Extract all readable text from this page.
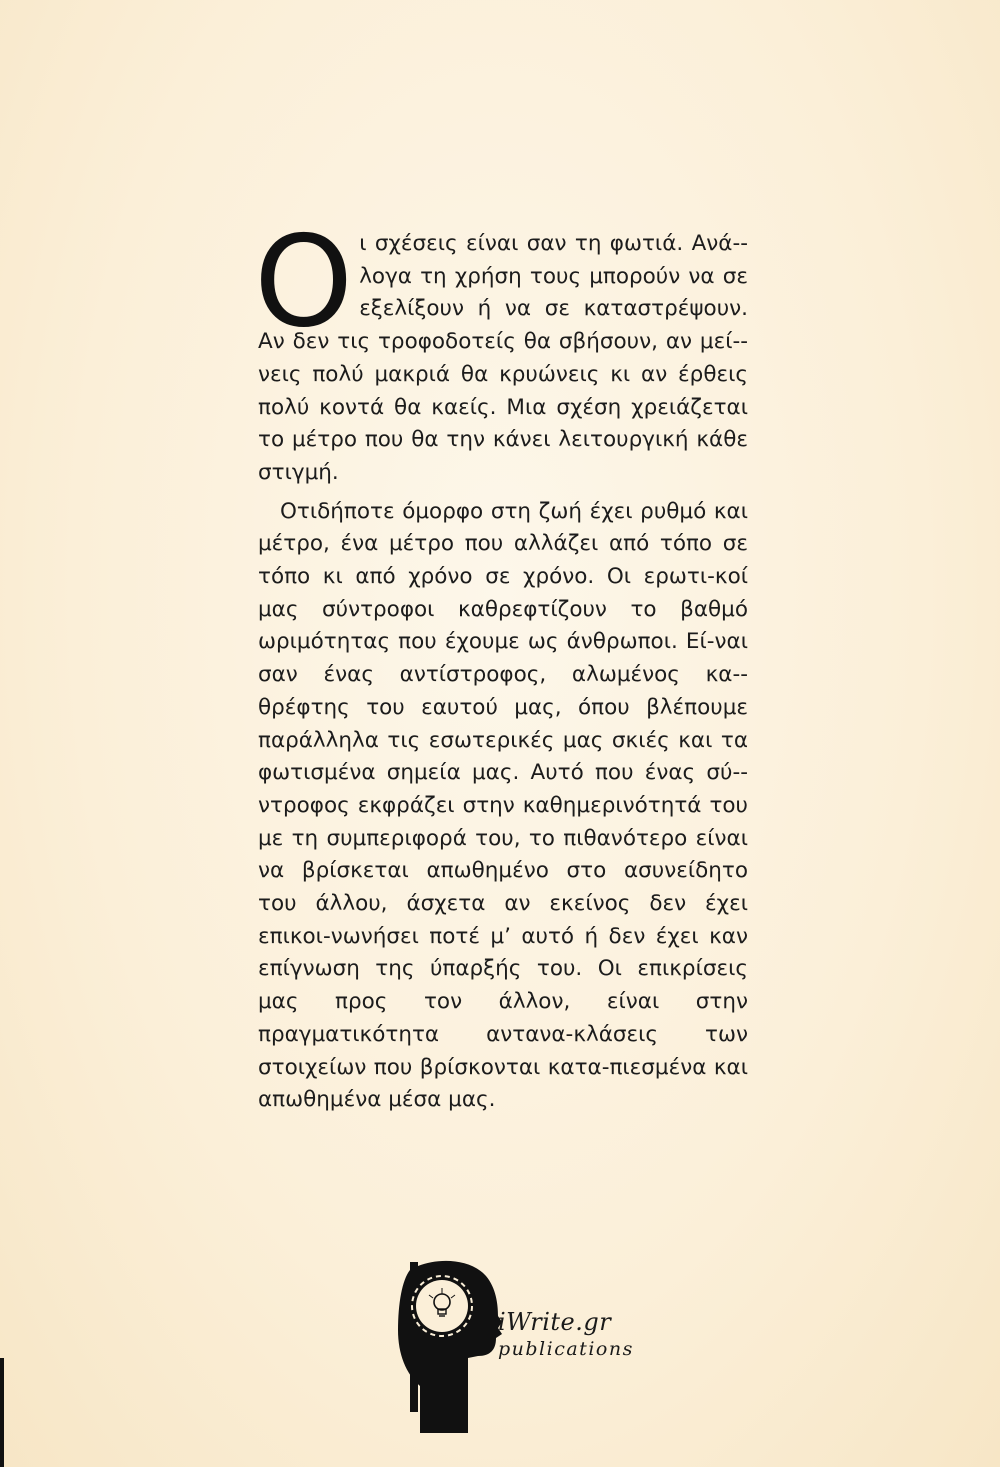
Οι σχέσεις είναι σαν τη φωτιά. Ανά-λογα τη χρήση τους μπορούν να σε εξελίξουν ή να σε καταστρέψουν. Αν δεν τις τροφοδοτείς θα σβήσουν, αν μεί-νεις πολύ μακριά θα κρυώνεις κι αν έρθεις πολύ κοντά θα καείς. Μια σχέση χρειάζεται το μέτρο που θα την κάνει λειτουργική κάθε στιγμή.

Οτιδήποτε όμορφο στη ζωή έχει ρυθμό και μέτρο, ένα μέτρο που αλλάζει από τόπο σε τόπο κι από χρόνο σε χρόνο. Οι ερωτι-κοί μας σύντροφοι καθρεφτίζουν το βαθμό ωριμότητας που έχουμε ως άνθρωποι. Εί-ναι σαν ένας αντίστροφος, αλωμένος κα-θρέφτης του εαυτού μας, όπου βλέπουμε παράλληλα τις εσωτερικές μας σκιές και τα φωτισμένα σημεία μας. Αυτό που ένας σύ-ντροφος εκφράζει στην καθημερινότητά του με τη συμπεριφορά του, το πιθανότερο είναι να βρίσκεται απωθημένο στο ασυνείδητο του άλλου, άσχετα αν εκείνος δεν έχει επικοι-νωνήσει ποτέ μ’ αυτό ή δεν έχει καν επίγνωση της ύπαρξής του. Οι επικρίσεις μας προς τον άλλον, είναι στην πραγματικότητα αντανα-κλάσεις των στοιχείων που βρίσκονται κατα-πιεσμένα και απωθημένα μέσα μας.

iWrite.gr
publications
